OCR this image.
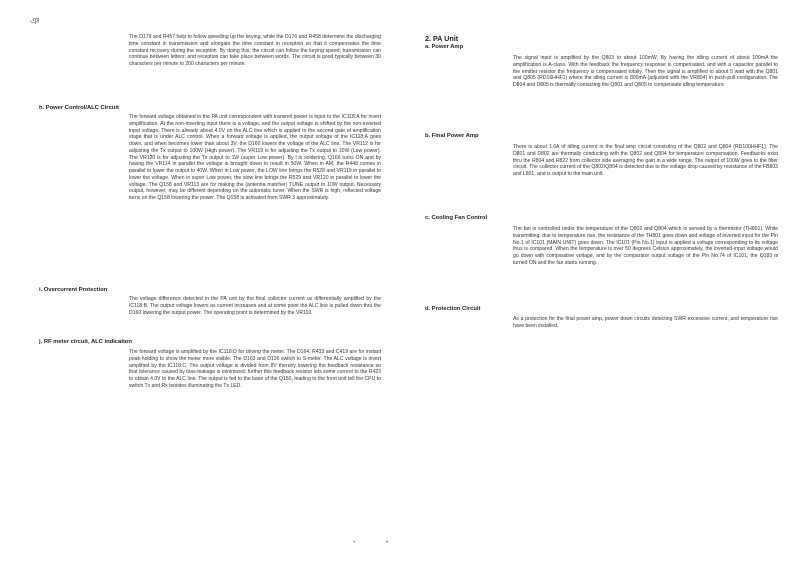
ঞ

The D179 and R457 help to follow speeding up the keying, while the D176 and R458 determine the discharging time constant in transmission and elongate the time constant in reception so that it compensates the time constant recovery during the reception. By doing this, the circuit can follow the keying speed; transmission can continue between letters; and reception can take place between words. The circuit is good typically between 30 characters per minute to 200 characters per minute.

h. Power Control/ALC Circuit

The forward voltage obtained in the PA unit correspondent with transmit power is input to the IC118:A for invert amplification. At the non-inverting input there is a voltage, and the output voltage is shifted by the non-inverted input voltage. There is already about 4.0V on the ALC line which is applied to the second gate of amplification stage that is under ALC control. When a forward voltage is applied, the output voltage of the IC118:A goes down, and when becomes lower than about 3V, the D160 lowers the voltage of the ALC line. The VR112 is for adjusting the Tx output to 100W (High power). The VR119 is for adjusting the Tx output to 10W (Low power). The VR120 is for adjusting the Tx output to 1W (super Low power). By l is soldering, Q166 turns ON and by having the VR114 in parallel the voltage is brought down to result in 50W. When in AM, the R448 comes in parallel to lower the output to 40W. When in Low power, the LOW line brings the R528 and VR119 in parallel to lower the voltage. When in super Low power, the slow line brings the R529 and VR120 in parallel to lower the voltage. The Q158 and VR113 are for making the (antenna matcher) TUNE output to 10W output. Necessary output, however, may be different depending on the automatic tuner. When the SWR is high, reflected voltage turns on the Q158 lowering the power. The Q158 is activated from SWR 3 approximately.

i. Overcurrent Protection

The voltage difference detected in the PA unit by the final collector current us differentially amplified by the IC118:B. The output voltage lowers as current increases and at some point the ALC line is pulled down thru the D160 lowering the output power. The operating point is determined by the VR110.

j. RF meter circuit, ALC indication

The forward voltage is amplified by the IC118:D for driving the meter. The D164, R433 and C419 are for instant peak-holding to show the meter more visible. The D163 and D136 switch to S-meter. The ALC voltage is invert amplified by the IC118:C. The output voltage is divided from 8V thereby lowering the feedback resistance so that tolerance caused by bias-leakage is minimized; further this feedback resistor lets some current to the R423 to obtain 4.0V to the ALC line. The output is fed to the base of the Q150, leading to the front unit tell the CPU to switch Tx and Rx besides illuminating the Tx LED.

2. PA Unit
a. Power Amp

The signal input is amplified by the Q803 to about 100mW. By having the idling current of about 100mA the amplification is A-class. With the feedback the frequency response is compensated, and with a capacitor parallel to the emitter resistor the frequency is compensated totally. Then the signal is amplified to about 5 watt with the Q801 and Q805 (RD16HHF1) where the idling current is 800mA (adjusted with the VR804) in push-pull configuration. The D804 and D805 is thermally contacting the Q801 and Q805 to compensate idling temperature.

b. Final Power Amp

There is about 1.6A of idling current in the final amp circuit consisting of the Q802 and Q804 (RD100HHF1). The D801 and D802 are thermally conducting with the Q802 and Q804 for temperature compensation. Feedbacks exist thru the R804 and R822 from collector side averaging the gain in a wide range. The output of 100W goes to the filter circuit. The collector current of the Q802/Q804 is detected due to the voltage drop caused by resistance of the FB803 and L801, and is output to the main unit.

c. Cooling Fan Control

The fan is controlled under the temperature of the Q802 and Q804 which is sensed by a thermistor (TH801). While transmitting, due to temperature rise, the resistance of the TH801 goes down and voltage of inverted input for the Pin No.1 of IC101 (MAIN UNIT) goes down. The IC101 (Pin No.1) input is applied a voltage corresponding to its voltage thus is compared. When the temperature is over 50 degrees Celsius approximately, the inverted-input voltage would go down with comparative voltage, and by the comparator output voltage of the Pin No.74 of IC101, the Q183 is turned ON and the fan starts running.

d. Protection Circuit

As a protection for the final power amp, power down circuits detecting SWR excessive current, and temperature rise have been installed.

•	•
